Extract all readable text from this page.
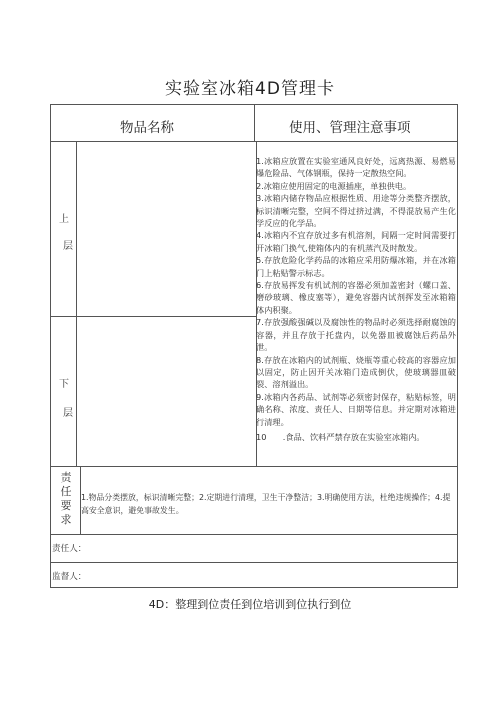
实验室冰箱4D管理卡
物品名称	使用、管理注意事项
上
层
下
层

1.冰箱应放置在实验室通风良好处，远离热源、易燃易爆危险品、气体钢瓶，保持一定散热空间。

2.冰箱应使用固定的电源插座，单独供电。

3.冰箱内储存物品应根据性质、用途等分类整齐摆放，标识清晰完整，空间不得过挤过满，不得混放易产生化学反应的化学品。

4.冰箱内不宜存放过多有机溶剂，间隔一定时间需要打开冰箱门换气,使箱体内的有机蒸汽及时散发。

5.存放危险化学药品的冰箱应采用防爆冰箱，并在冰箱门上粘贴警示标志。

6.存放易挥发有机试剂的容器必须加盖密封（螺口盖、磨砂玻璃、橡皮塞等），避免容器内试剂挥发至冰箱箱体内积聚。

7.存放强酸强碱以及腐蚀性的物品时必须选择耐腐蚀的容器，并且存放于托盘内，以免器皿被腐蚀后药品外泄。

8.存放在冰箱内的试剂瓶、烧瓶等重心较高的容器应加以固定，防止因开关冰箱门造成倒伏，使玻璃器皿破裂、溶剂溢出。

9.冰箱内各药品、试剂等必须密封保存，粘贴标签，明确名称、浓度、责任人、日期等信息。并定期对冰箱进行清理。

10　　.食品、饮料严禁存放在实验室冰箱内。

责
任
要
求
1.物品分类摆放，标识清晰完整；2.定期进行清理，卫生干净整洁；3.明确使用方法，杜绝违规操作；4.提高安全意识，避免事故发生。
责任人：
监督人：
4D：整理到位责任到位培训到位执行到位
